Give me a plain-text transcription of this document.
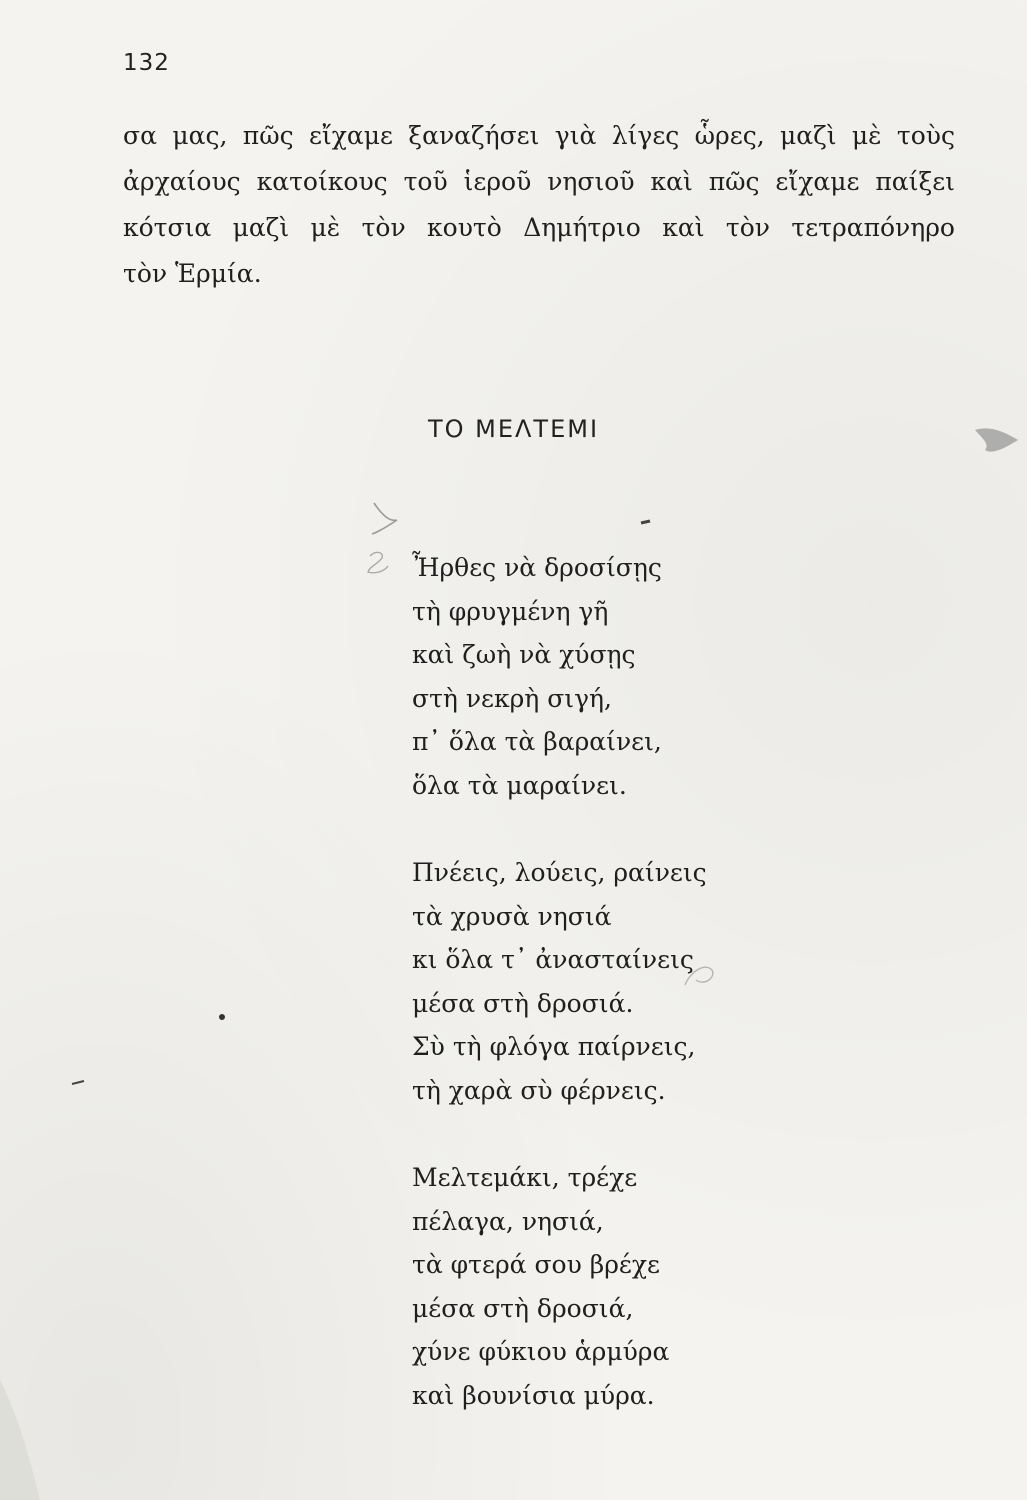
132
σα μας, πῶς εἴχαμε ξαναζήσει γιὰ λίγες ὧρες, μαζὶ μὲ τοὺς
ἀρχαίους κατοίκους τοῦ ἱεροῦ νησιοῦ καὶ πῶς εἴχαμε παίξει
κότσια μαζὶ μὲ τὸν κουτὸ Δημήτριο καὶ τὸν τετραπόνηρο
τὸν Ἑρμία.
ΤΟ ΜΕΛΤΕΜΙ
Ἦρθες νὰ δροσίσῃς
τὴ φρυγμένη γῆ
καὶ ζωὴ νὰ χύσῃς
στὴ νεκρὴ σιγή,
π᾿ ὅλα τὰ βαραίνει,
ὅλα τὰ μαραίνει.
Πνέεις, λούεις, ραίνεις
τὰ χρυσὰ νησιά
κι ὅλα τ᾿ ἀνασταίνεις
μέσα στὴ δροσιά.
Σὺ τὴ φλόγα παίρνεις,
τὴ χαρὰ σὺ φέρνεις.
Μελτεμάκι, τρέχε
πέλαγα, νησιά,
τὰ φτερά σου βρέχε
μέσα στὴ δροσιά,
χύνε φύκιου ἁρμύρα
καὶ βουνίσια μύρα.
